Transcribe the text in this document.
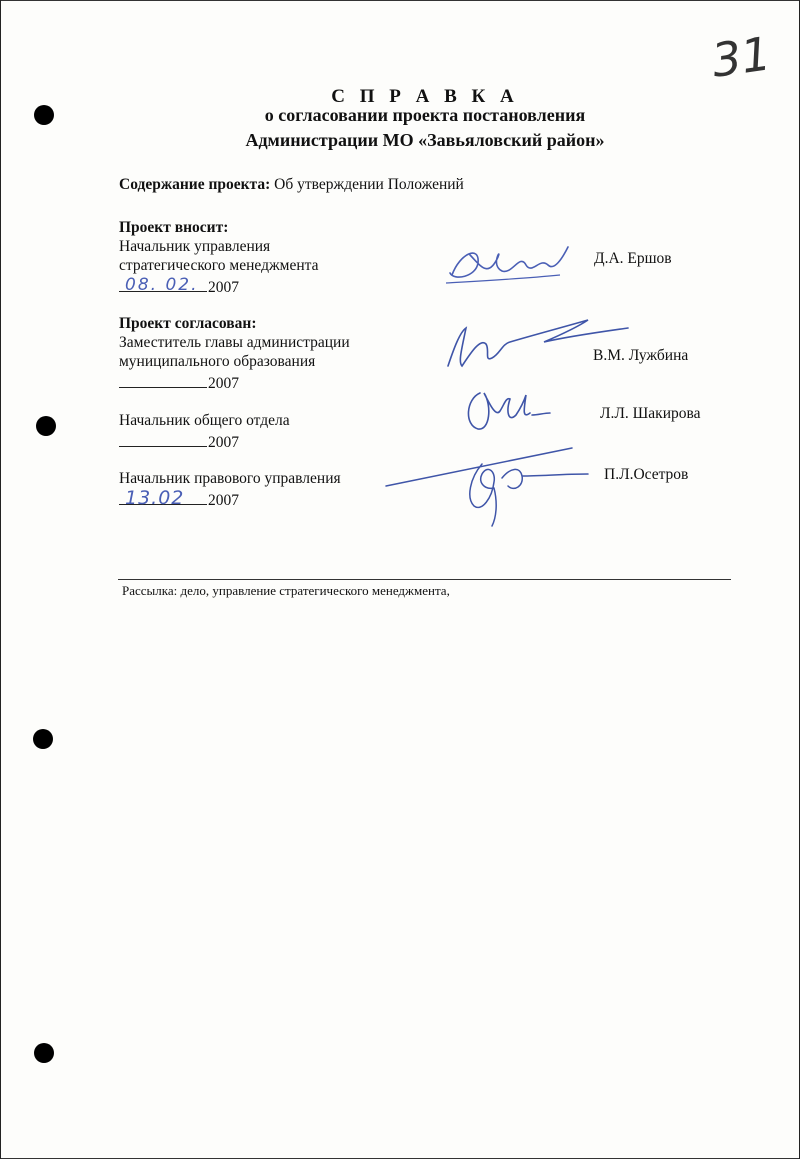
31
С П Р А В К А
о согласовании проекта постановления
Администрации МО «Завьяловский район»
Содержание проекта: Об утверждении Положений
Проект вносит:
Начальник управления
стратегического менеджмента
08. 02. 2007
Д.А. Ершов
Проект согласован:
Заместитель главы администрации
муниципального образования
2007
В.М. Лужбина
Начальник общего отдела
2007
Л.Л. Шакирова
Начальник правового управления
13.02 2007
П.Л.Осетров
Рассылка: дело, управление стратегического менеджмента,
